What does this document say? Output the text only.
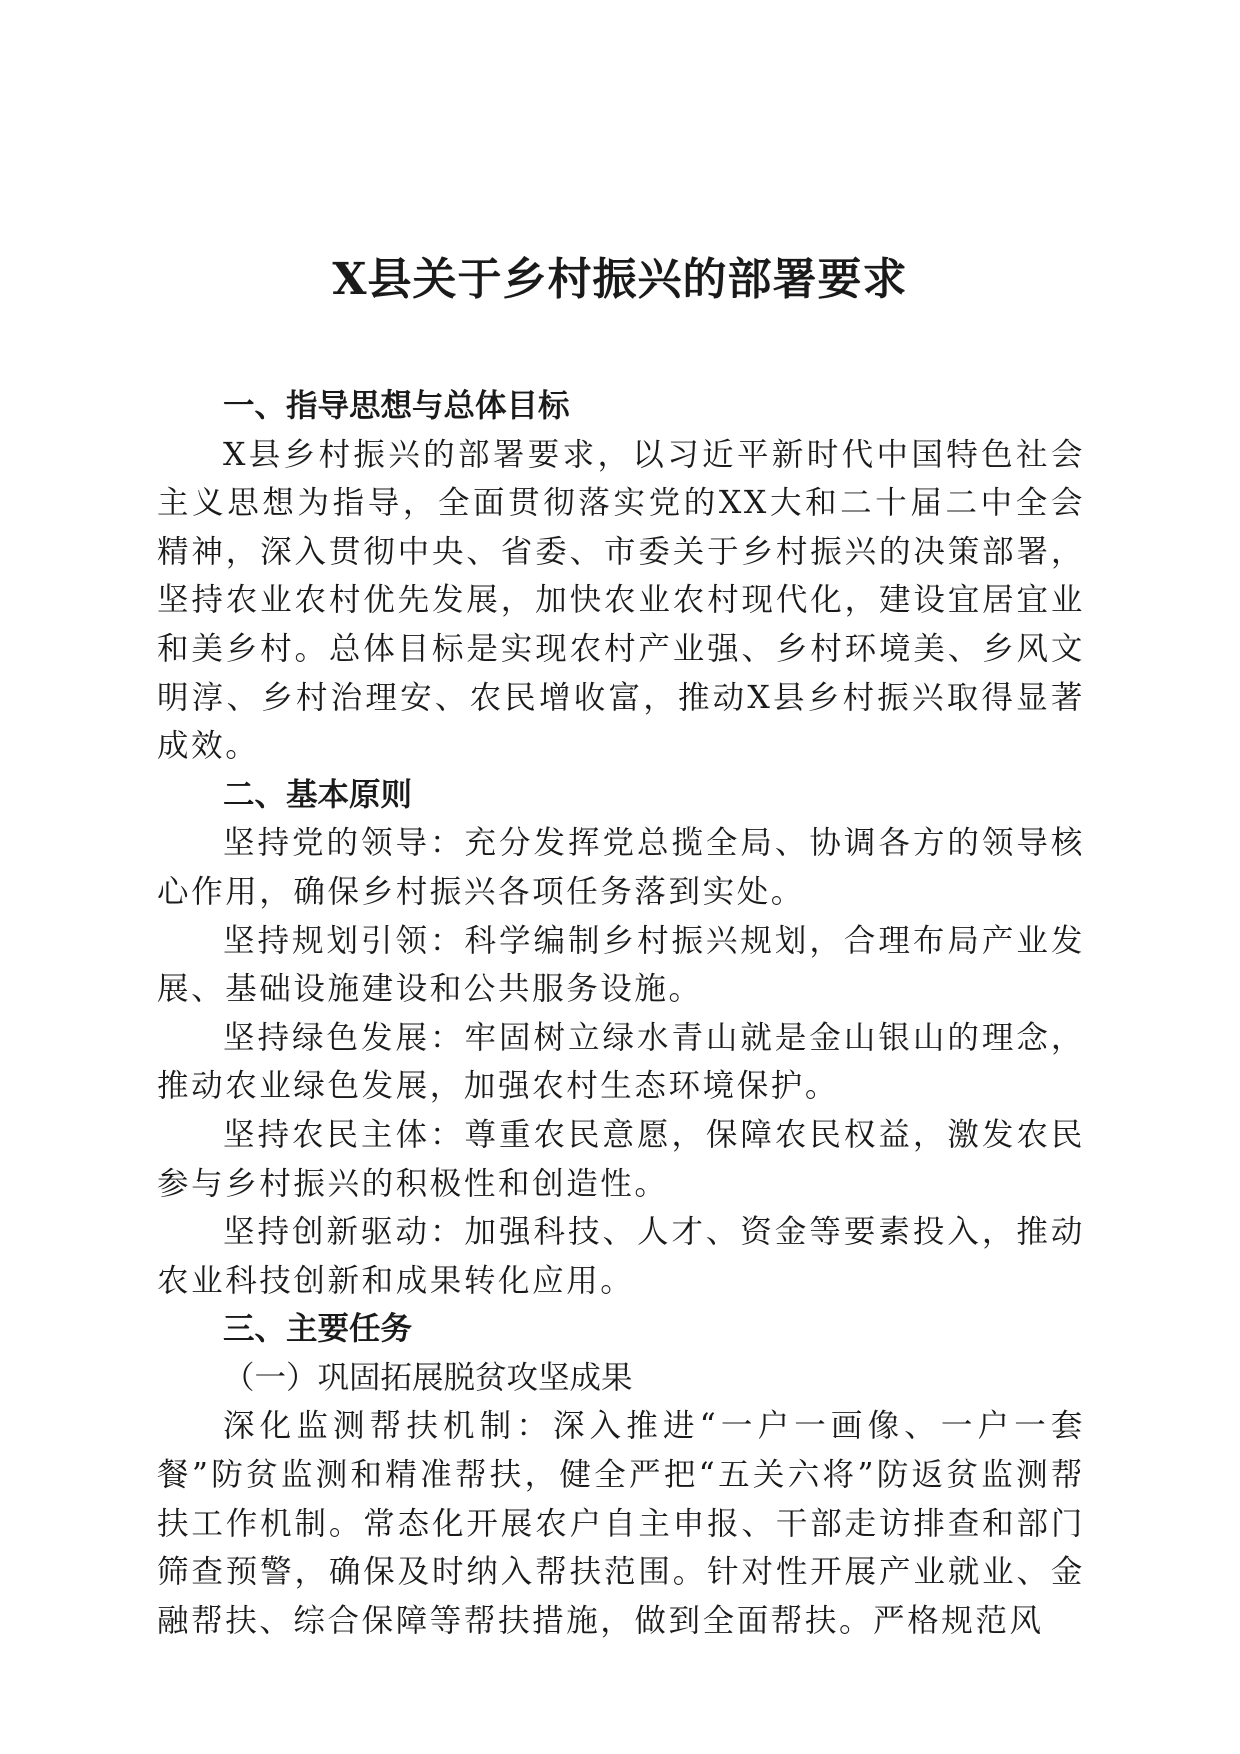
X县关于乡村振兴的部署要求

一、指导思想与总体目标

X县乡村振兴的部署要求，以习近平新时代中国特色社会主义思想为指导，全面贯彻落实党的XX大和二十届二中全会精神，深入贯彻中央、省委、市委关于乡村振兴的决策部署，坚持农业农村优先发展，加快农业农村现代化，建设宜居宜业和美乡村。总体目标是实现农村产业强、乡村环境美、乡风文明淳、乡村治理安、农民增收富，推动X县乡村振兴取得显著成效。

二、基本原则

坚持党的领导：充分发挥党总揽全局、协调各方的领导核心作用，确保乡村振兴各项任务落到实处。

坚持规划引领：科学编制乡村振兴规划，合理布局产业发展、基础设施建设和公共服务设施。

坚持绿色发展：牢固树立绿水青山就是金山银山的理念，推动农业绿色发展，加强农村生态环境保护。

坚持农民主体：尊重农民意愿，保障农民权益，激发农民参与乡村振兴的积极性和创造性。

坚持创新驱动：加强科技、人才、资金等要素投入，推动农业科技创新和成果转化应用。

三、主要任务

（一）巩固拓展脱贫攻坚成果

深化监测帮扶机制：深入推进“一户一画像、一户一套餐”防贫监测和精准帮扶，健全严把“五关六将”防返贫监测帮扶工作机制。常态化开展农户自主申报、干部走访排查和部门筛查预警，确保及时纳入帮扶范围。针对性开展产业就业、金融帮扶、综合保障等帮扶措施，做到全面帮扶。严格规范风
